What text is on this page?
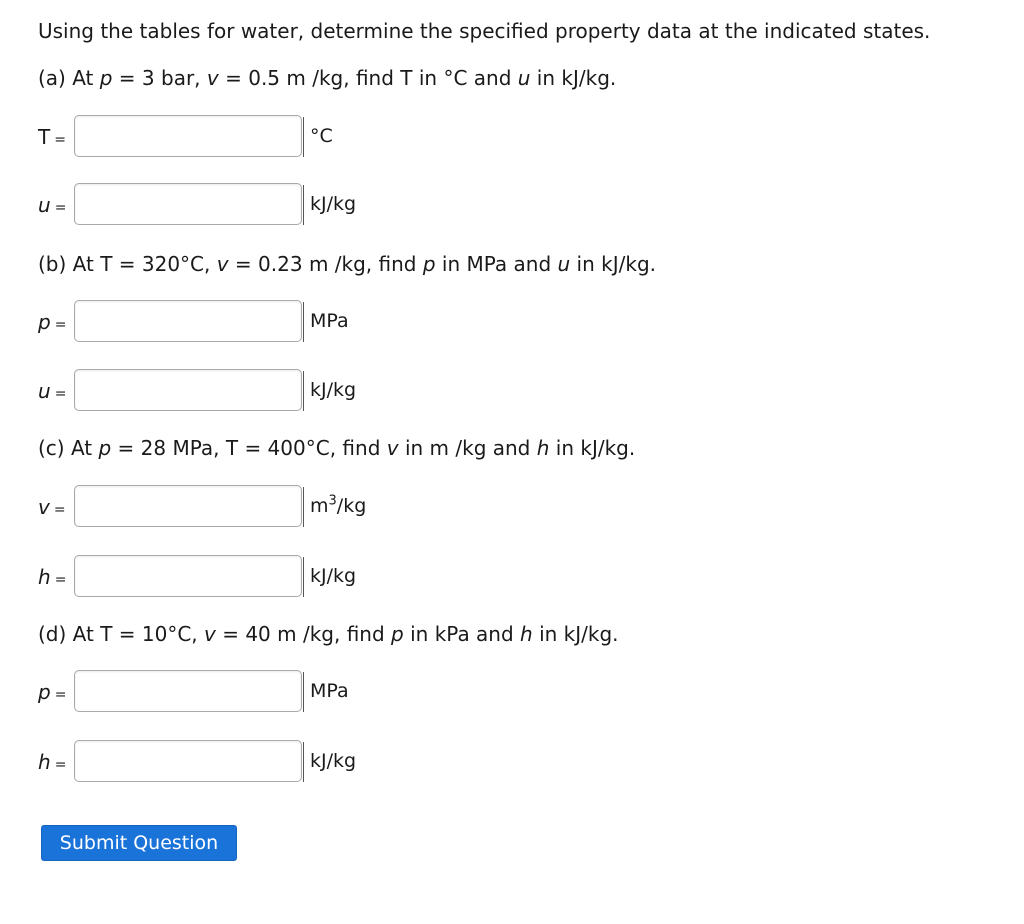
Using the tables for water, determine the specified property data at the indicated states.
(a) At p = 3 bar, v = 0.5 m /kg, find T in °C and u in kJ/kg.
T =	°C
u =	kJ/kg
(b) At T = 320°C, v = 0.23 m /kg, find p in MPa and u in kJ/kg.
p =	MPa
u =	kJ/kg
(c) At p = 28 MPa, T = 400°C, find v in m /kg and h in kJ/kg.
v =	$m^3/kg$
h =	kJ/kg
(d) At T = 10°C, v = 40 m /kg, find p in kPa and h in kJ/kg.
p =	MPa
h =	kJ/kg
Submit Question
